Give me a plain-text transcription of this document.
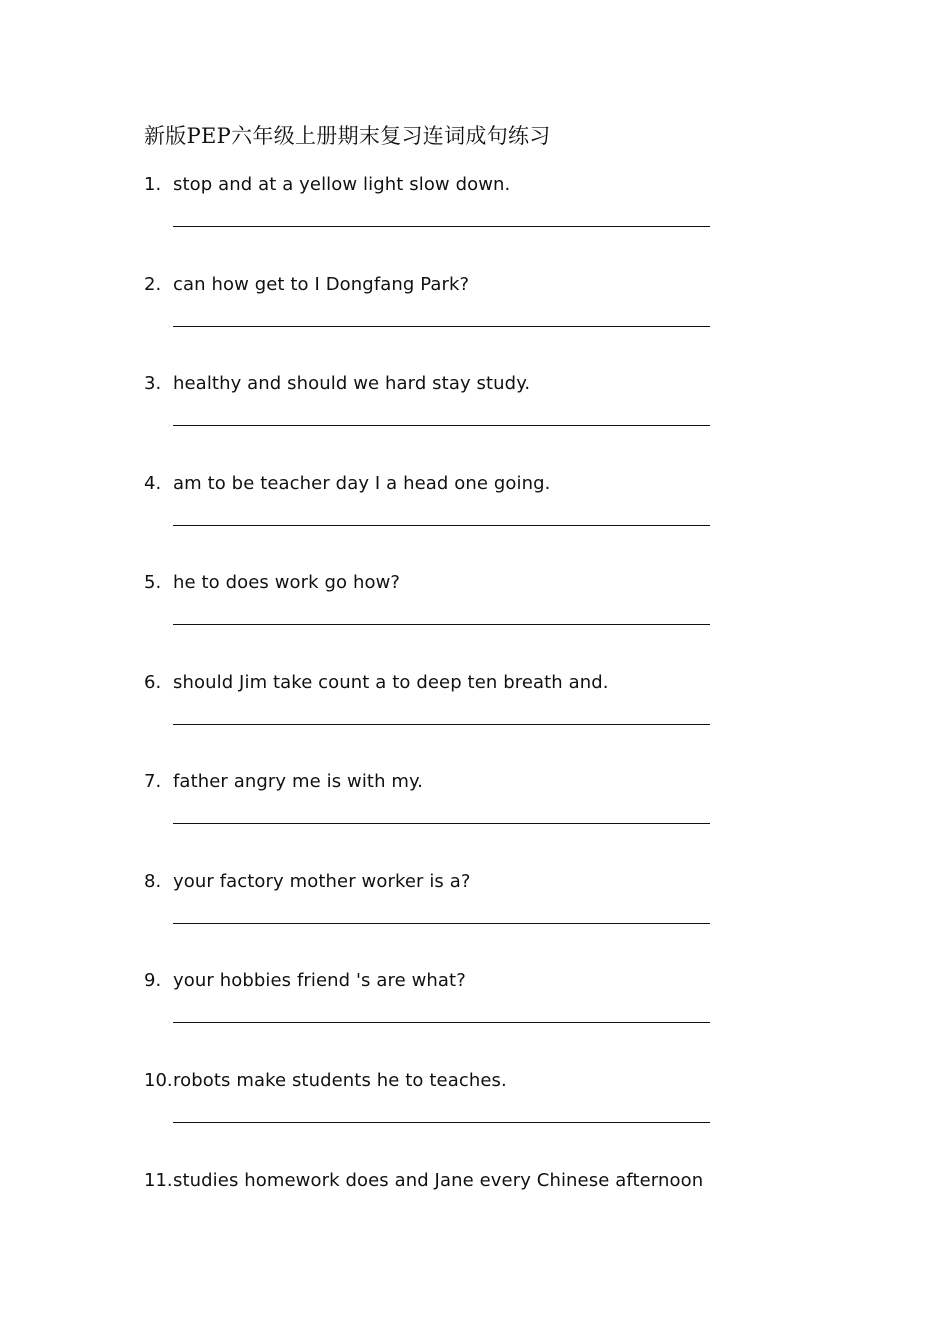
新版PEP六年级上册期末复习连词成句练习
1. stop and at a yellow light slow down.
2. can how get to I Dongfang Park?
3. healthy and should we hard stay study.
4. am to be teacher day I a head one going.
5. he to does work go how?
6. should Jim take count a to deep ten breath and.
7. father angry me is with my.
8. your factory mother worker is a?
9. your hobbies friend 's are what?
10. robots make students he to teaches.
11. studies homework does and Jane every Chinese afternoon
